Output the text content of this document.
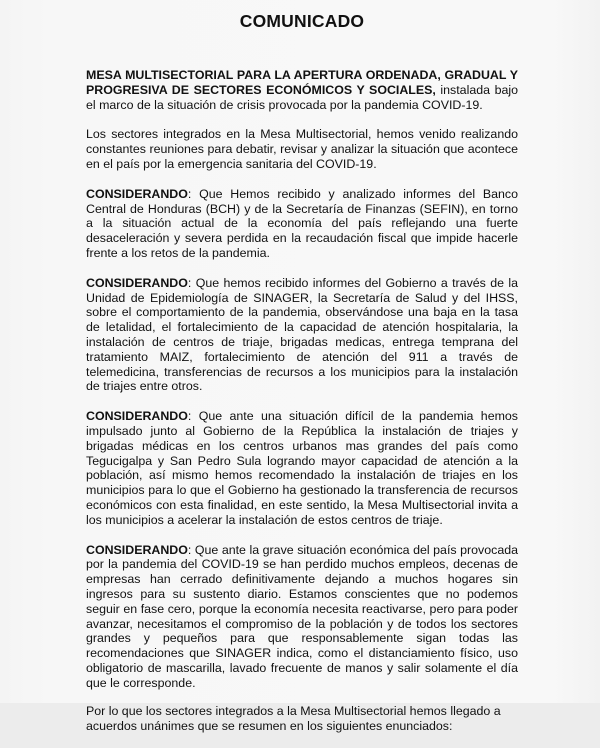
COMUNICADO

MESA MULTISECTORIAL PARA LA APERTURA ORDENADA, GRADUAL Y PROGRESIVA DE SECTORES ECONÓMICOS Y SOCIALES, instalada bajo el marco de la situación de crisis provocada por la pandemia COVID-19.

Los sectores integrados en la Mesa Multisectorial, hemos venido realizando constantes reuniones para debatir, revisar y analizar la situación que acontece en el país por la emergencia sanitaria del COVID-19.

CONSIDERANDO: Que Hemos recibido y analizado informes del Banco Central de Honduras (BCH) y de la Secretaría de Finanzas (SEFIN), en torno a la situación actual de la economía del país reflejando una fuerte desaceleración y severa perdida en la recaudación fiscal que impide hacerle frente a los retos de la pandemia.

CONSIDERANDO: Que hemos recibido informes del Gobierno a través de la Unidad de Epidemiología de SINAGER, la Secretaría de Salud y del IHSS, sobre el comportamiento de la pandemia, observándose una baja en la tasa de letalidad, el fortalecimiento de la capacidad de atención hospitalaria, la instalación de centros de triaje, brigadas medicas, entrega temprana del tratamiento MAIZ, fortalecimiento de atención del 911 a través de telemedicina, transferencias de recursos a los municipios para la instalación de triajes entre otros.

CONSIDERANDO: Que ante una situación difícil de la pandemia hemos impulsado junto al Gobierno de la República la instalación de triajes y brigadas médicas en los centros urbanos mas grandes del país como Tegucigalpa y San Pedro Sula logrando mayor capacidad de atención a la población, así mismo hemos recomendado la instalación de triajes en los municipios para lo que el Gobierno ha gestionado la transferencia de recursos económicos con esta finalidad, en este sentido, la Mesa Multisectorial invita a los municipios a acelerar la instalación de estos centros de triaje.

CONSIDERANDO: Que ante la grave situación económica del país provocada por la pandemia del COVID-19 se han perdido muchos empleos, decenas de empresas han cerrado definitivamente dejando a muchos hogares sin ingresos para su sustento diario. Estamos conscientes que no podemos seguir en fase cero, porque la economía necesita reactivarse, pero para poder avanzar, necesitamos el compromiso de la población y de todos los sectores grandes y pequeños para que responsablemente sigan todas las recomendaciones que SINAGER indica, como el distanciamiento físico, uso obligatorio de mascarilla, lavado frecuente de manos y salir solamente el día que le corresponde.

Por lo que los sectores integrados a la Mesa Multisectorial hemos llegado a acuerdos unánimes que se resumen en los siguientes enunciados:
